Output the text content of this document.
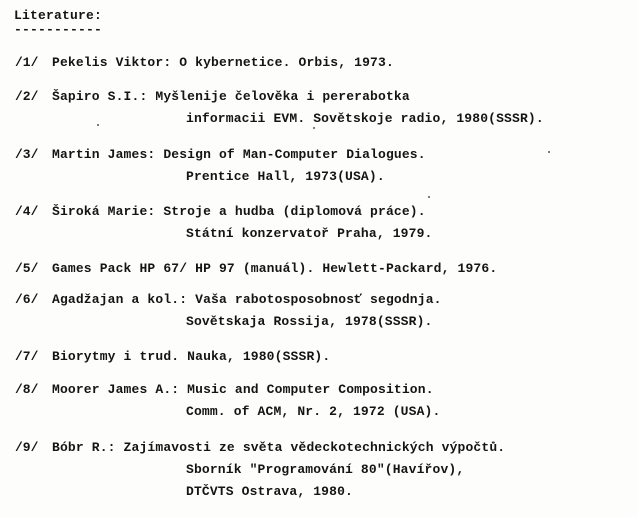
Literature:
-----------
/1/ Pekelis Viktor: O kybernetice. Orbis, 1973.
/2/ Šapiro S.I.: Myšlenije čelověka i pererabotka
informacii EVM. Sovětskoje radio, 1980(SSSR).
/3/ Martin James: Design of Man-Computer Dialogues.
Prentice Hall, 1973(USA).
/4/ Široká Marie: Stroje a hudba (diplomová práce).
Státní konzervatoř Praha, 1979.
/5/ Games Pack HP 67/ HP 97 (manuál). Hewlett-Packard, 1976.
/6/ Agadžajan a kol.: Vaša rabotosposobnosť segodnja.
Sovětskaja Rossija, 1978(SSSR).
/7/ Biorytmy i trud. Nauka, 1980(SSSR).
/8/ Moorer James A.: Music and Computer Composition.
Comm. of ACM, Nr. 2, 1972 (USA).
/9/ Bóbr R.: Zajímavosti ze světa vědeckotechnických výpočtů.
Sborník "Programování 80"(Havířov),
DTČVTS Ostrava, 1980.
